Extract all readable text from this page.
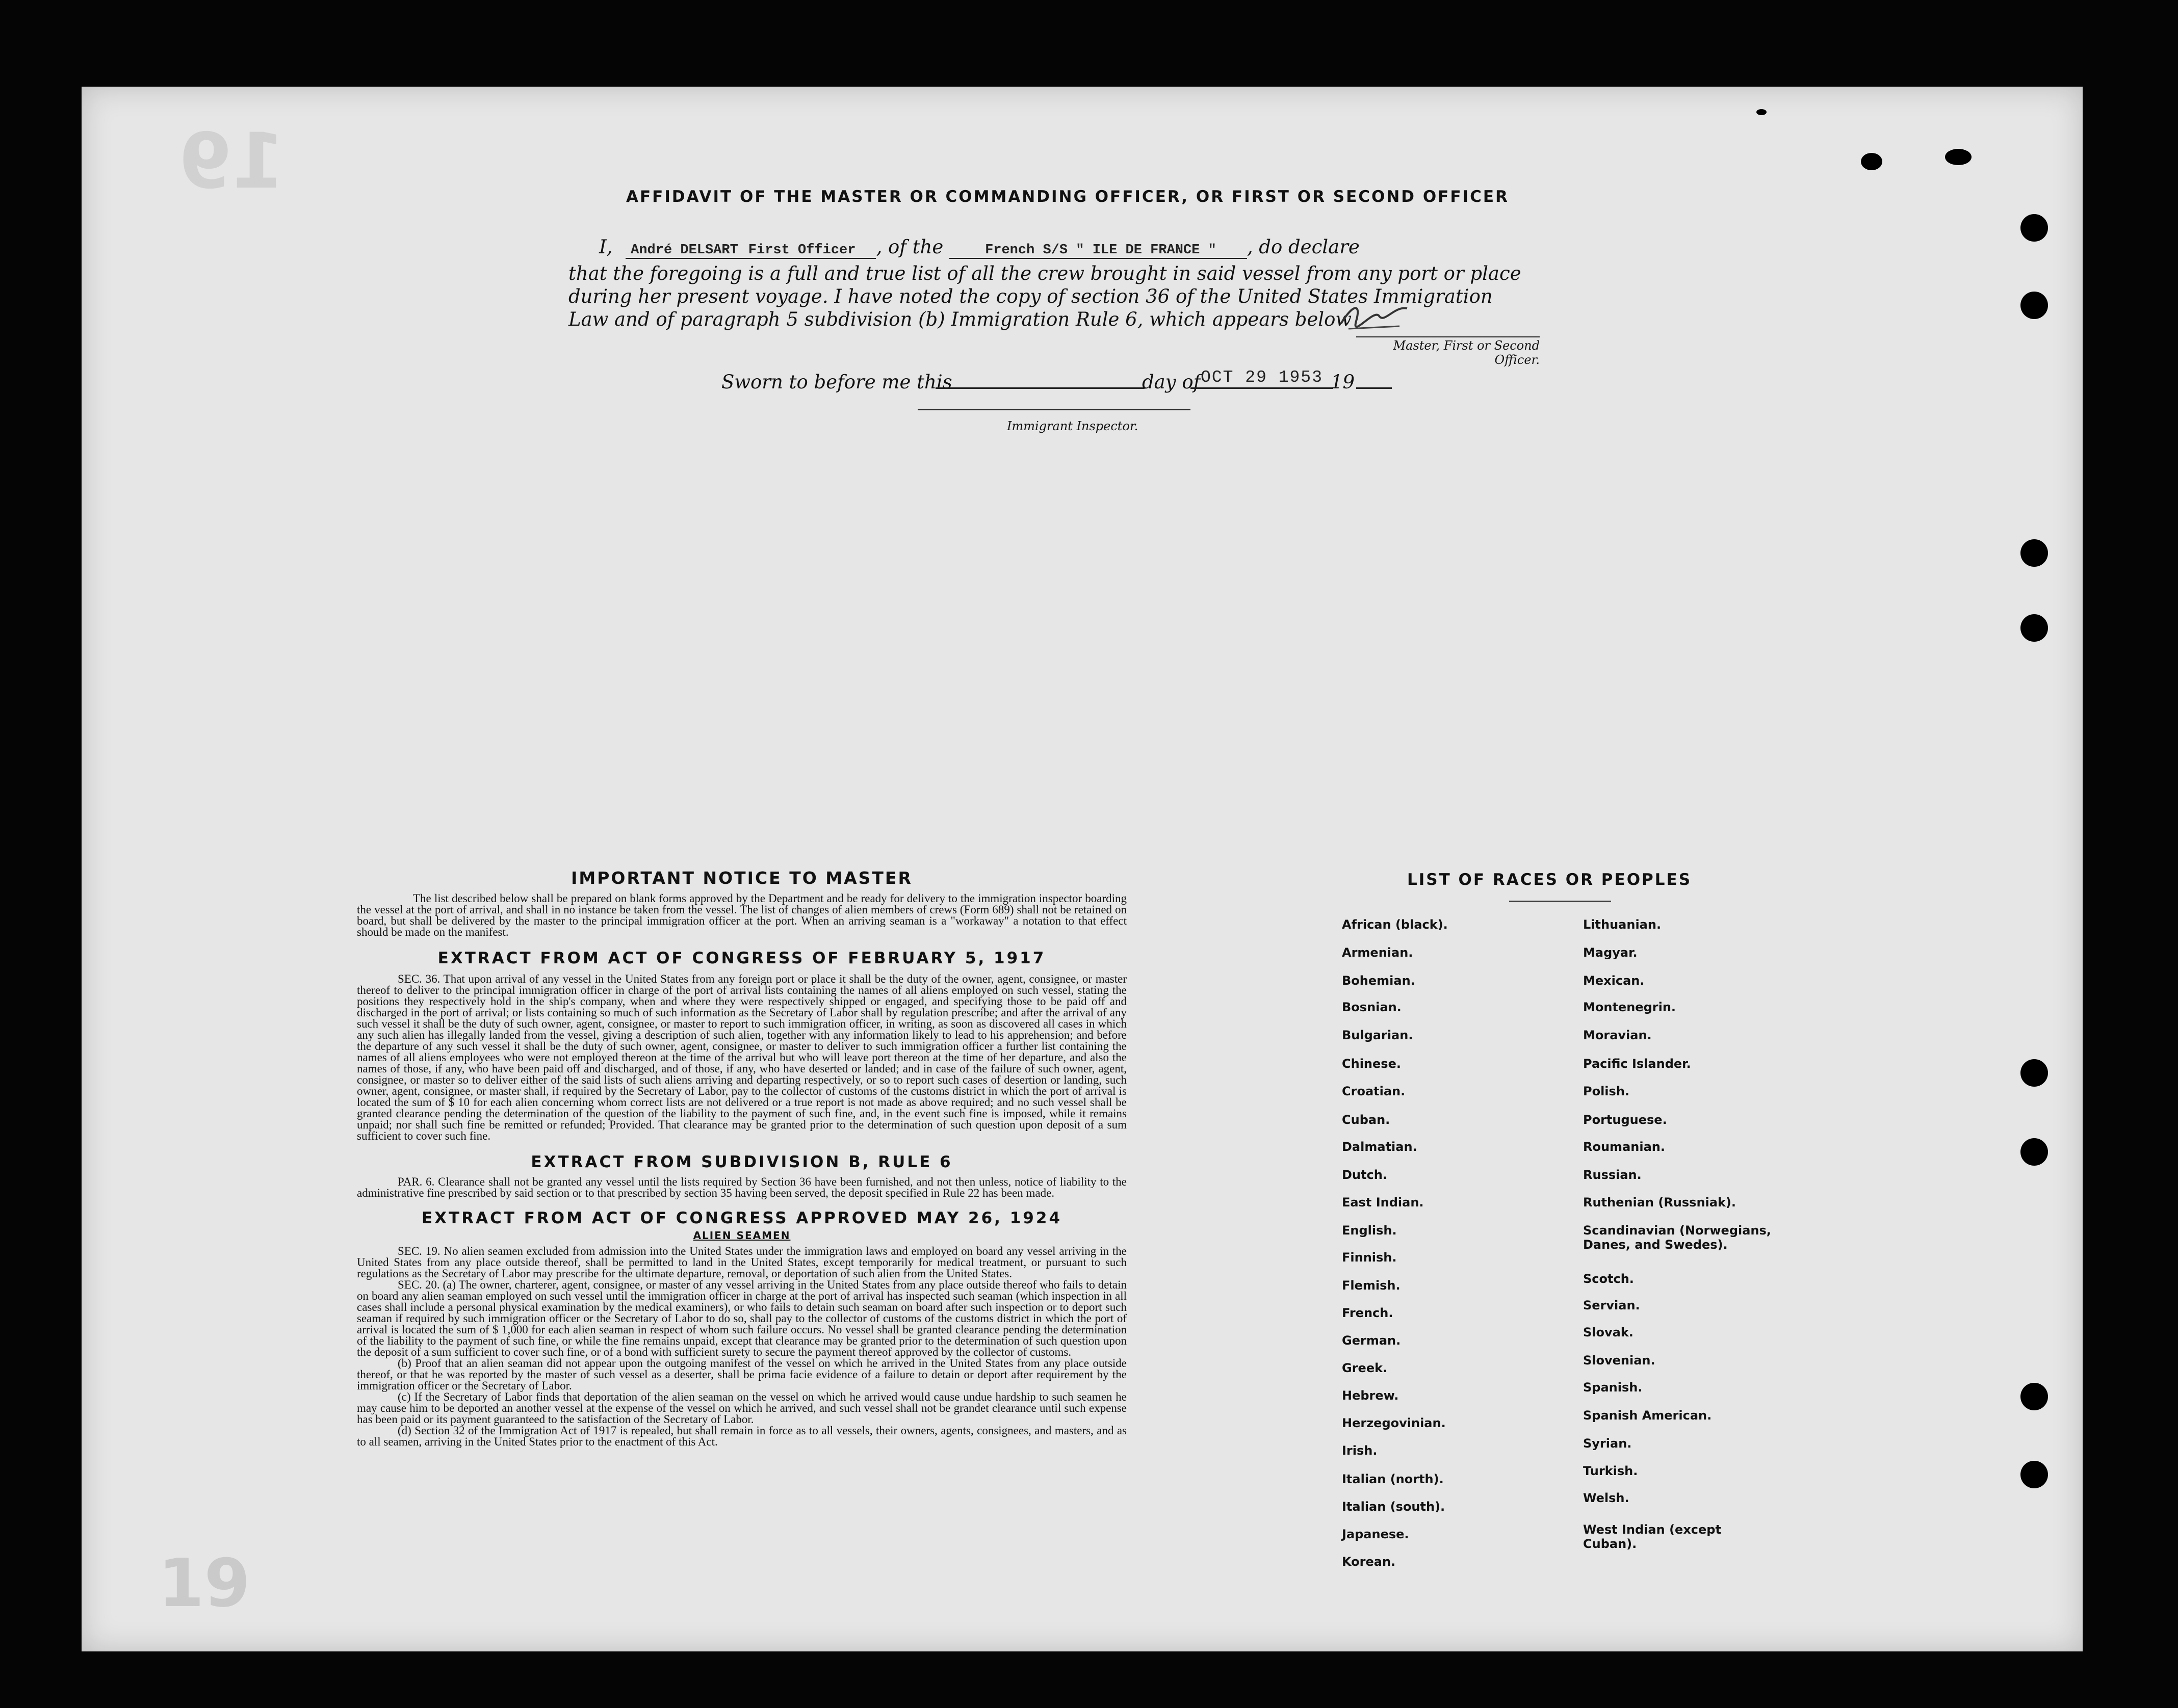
19
19
AFFIDAVIT OF THE MASTER OR COMMANDING OFFICER, OR FIRST OR SECOND OFFICER

I, André DELSART First Officer , of the	French S/S " ILE DE FRANCE " , do declare

that the foregoing is a full and true list of all the crew brought in said vessel from any port or place during her present voyage. I have noted the copy of section 36 of the United States Immigration Law and of paragraph 5 subdivision (b) Immigration Rule 6, which appears below

Master, First or Second Officer.
Sworn to before me this	day of OCT 29 1953 19
Immigrant Inspector.
IMPORTANT NOTICE TO MASTER

The list described below shall be prepared on blank forms approved by the Department and be ready for delivery to the immigration inspector boarding the vessel at the port of arrival, and shall in no instance be taken from the vessel. The list of changes of alien members of crews (Form 689) shall not be retained on board, but shall be delivered by the master to the principal immigration officer at the port. When an arriving seaman is a "workaway" a notation to that effect should be made on the manifest.

EXTRACT FROM ACT OF CONGRESS OF FEBRUARY 5, 1917

SEC. 36. That upon arrival of any vessel in the United States from any foreign port or place it shall be the duty of the owner, agent, consignee, or master thereof to deliver to the principal immigration officer in charge of the port of arrival lists containing the names of all aliens employed on such vessel, stating the positions they respectively hold in the ship's company, when and where they were respectively shipped or engaged, and specifying those to be paid off and discharged in the port of arrival; or lists containing so much of such information as the Secretary of Labor shall by regulation prescribe; and after the arrival of any such vessel it shall be the duty of such owner, agent, consignee, or master to report to such immigration officer, in writing, as soon as discovered all cases in which any such alien has illegally landed from the vessel, giving a description of such alien, together with any information likely to lead to his apprehension; and before the departure of any such vessel it shall be the duty of such owner, agent, consignee, or master to deliver to such immigration officer a further list containing the names of all aliens employees who were not employed thereon at the time of the arrival but who will leave port thereon at the time of her departure, and also the names of those, if any, who have been paid off and discharged, and of those, if any, who have deserted or landed; and in case of the failure of such owner, agent, consignee, or master so to deliver either of the said lists of such aliens arriving and departing respectively, or so to report such cases of desertion or landing, such owner, agent, consignee, or master shall, if required by the Secretary of Labor, pay to the collector of customs of the customs district in which the port of arrival is located the sum of $ 10 for each alien concerning whom correct lists are not delivered or a true report is not made as above required; and no such vessel shall be granted clearance pending the determination of the question of the liability to the payment of such fine, and, in the event such fine is imposed, while it remains unpaid; nor shall such fine be remitted or refunded; Provided. That clearance may be granted prior to the determination of such question upon deposit of a sum sufficient to cover such fine.

EXTRACT FROM SUBDIVISION B, RULE 6

PAR. 6. Clearance shall not be granted any vessel until the lists required by Section 36 have been furnished, and not then unless, notice of liability to the administrative fine prescribed by said section or to that prescribed by section 35 having been served, the deposit specified in Rule 22 has been made.

EXTRACT FROM ACT OF CONGRESS APPROVED MAY 26, 1924
ALIEN SEAMEN

SEC. 19. No alien seamen excluded from admission into the United States under the immigration laws and employed on board any vessel arriving in the United States from any place outside thereof, shall be permitted to land in the United States, except temporarily for medical treatment, or pursuant to such regulations as the Secretary of Labor may prescribe for the ultimate departure, removal, or deportation of such alien from the United States.

SEC. 20. (a) The owner, charterer, agent, consignee, or master of any vessel arriving in the United States from any place outside thereof who fails to detain on board any alien seaman employed on such vessel until the immigration officer in charge at the port of arrival has inspected such seaman (which inspection in all cases shall include a personal physical examination by the medical examiners), or who fails to detain such seaman on board after such inspection or to deport such seaman if required by such immigration officer or the Secretary of Labor to do so, shall pay to the collector of customs of the customs district in which the port of arrival is located the sum of $ 1,000 for each alien seaman in respect of whom such failure occurs. No vessel shall be granted clearance pending the determination of the liability to the payment of such fine, or while the fine remains unpaid, except that clearance may be granted prior to the determination of such question upon the deposit of a sum sufficient to cover such fine, or of a bond with sufficient surety to secure the payment thereof approved by the collector of customs.

(b) Proof that an alien seaman did not appear upon the outgoing manifest of the vessel on which he arrived in the United States from any place outside thereof, or that he was reported by the master of such vessel as a deserter, shall be prima facie evidence of a failure to detain or deport after requirement by the immigration officer or the Secretary of Labor.

(c) If the Secretary of Labor finds that deportation of the alien seaman on the vessel on which he arrived would cause undue hardship to such seamen he may cause him to be deported an another vessel at the expense of the vessel on which he arrived, and such vessel shall not be grandet clearance until such expense has been paid or its payment guaranteed to the satisfaction of the Secretary of Labor.

(d) Section 32 of the Immigration Act of 1917 is repealed, but shall remain in force as to all vessels, their owners, agents, consignees, and masters, and as to all seamen, arriving in the United States prior to the enactment of this Act.

LIST OF RACES OR PEOPLES
African (black).
Armenian.
Bohemian.
Bosnian.
Bulgarian.
Chinese.
Croatian.
Cuban.
Dalmatian.
Dutch.
East Indian.
English.
Finnish.
Flemish.
French.
German.
Greek.
Hebrew.
Herzegovinian.
Irish.
Italian (north).
Italian (south).
Japanese.
Korean.
Lithuanian.
Magyar.
Mexican.
Montenegrin.
Moravian.
Pacific Islander.
Polish.
Portuguese.
Roumanian.
Russian.
Ruthenian (Russniak).
Scandinavian (Norwegians, Danes, and Swedes).
Scotch.
Servian.
Slovak.
Slovenian.
Spanish.
Spanish American.
Syrian.
Turkish.
Welsh.
West Indian (except Cuban).
